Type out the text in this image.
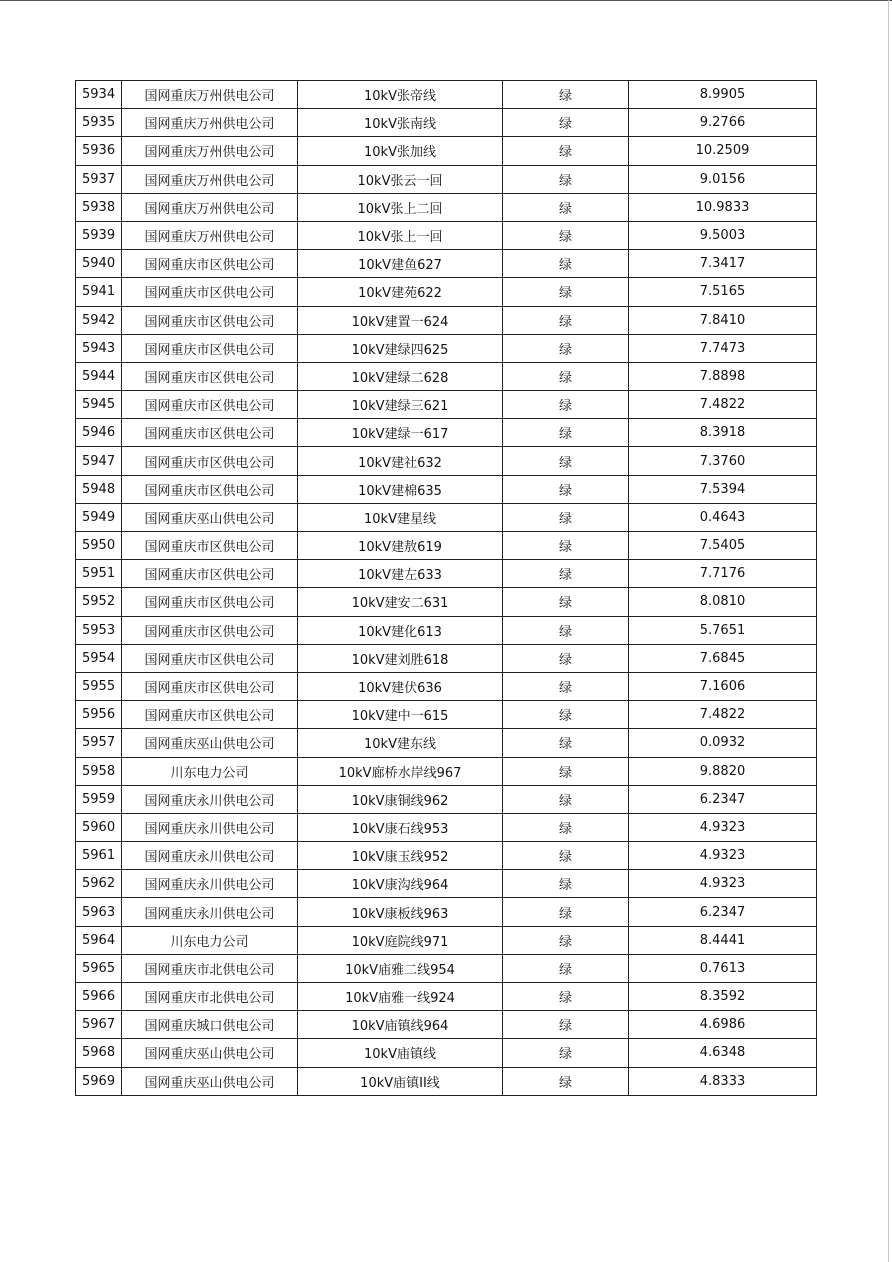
5934	国网重庆万州供电公司	10kV张帝线	绿	8.9905
5935	国网重庆万州供电公司	10kV张南线	绿	9.2766
5936	国网重庆万州供电公司	10kV张加线	绿	10.2509
5937	国网重庆万州供电公司	10kV张云一回	绿	9.0156
5938	国网重庆万州供电公司	10kV张上二回	绿	10.9833
5939	国网重庆万州供电公司	10kV张上一回	绿	9.5003
5940	国网重庆市区供电公司	10kV建鱼627	绿	7.3417
5941	国网重庆市区供电公司	10kV建苑622	绿	7.5165
5942	国网重庆市区供电公司	10kV建置一624	绿	7.8410
5943	国网重庆市区供电公司	10kV建绿四625	绿	7.7473
5944	国网重庆市区供电公司	10kV建绿二628	绿	7.8898
5945	国网重庆市区供电公司	10kV建绿三621	绿	7.4822
5946	国网重庆市区供电公司	10kV建绿一617	绿	8.3918
5947	国网重庆市区供电公司	10kV建社632	绿	7.3760
5948	国网重庆市区供电公司	10kV建棉635	绿	7.5394
5949	国网重庆巫山供电公司	10kV建星线	绿	0.4643
5950	国网重庆市区供电公司	10kV建敖619	绿	7.5405
5951	国网重庆市区供电公司	10kV建左633	绿	7.7176
5952	国网重庆市区供电公司	10kV建安二631	绿	8.0810
5953	国网重庆市区供电公司	10kV建化613	绿	5.7651
5954	国网重庆市区供电公司	10kV建刘胜618	绿	7.6845
5955	国网重庆市区供电公司	10kV建伏636	绿	7.1606
5956	国网重庆市区供电公司	10kV建中一615	绿	7.4822
5957	国网重庆巫山供电公司	10kV建东线	绿	0.0932
5958	川东电力公司	10kV廊桥水岸线967	绿	9.8820
5959	国网重庆永川供电公司	10kV康铜线962	绿	6.2347
5960	国网重庆永川供电公司	10kV康石线953	绿	4.9323
5961	国网重庆永川供电公司	10kV康玉线952	绿	4.9323
5962	国网重庆永川供电公司	10kV康沟线964	绿	4.9323
5963	国网重庆永川供电公司	10kV康板线963	绿	6.2347
5964	川东电力公司	10kV庭院线971	绿	8.4441
5965	国网重庆市北供电公司	10kV庙雅二线954	绿	0.7613
5966	国网重庆市北供电公司	10kV庙雅一线924	绿	8.3592
5967	国网重庆城口供电公司	10kV庙镇线964	绿	4.6986
5968	国网重庆巫山供电公司	10kV庙镇线	绿	4.6348
5969	国网重庆巫山供电公司	10kV庙镇II线	绿	4.8333
